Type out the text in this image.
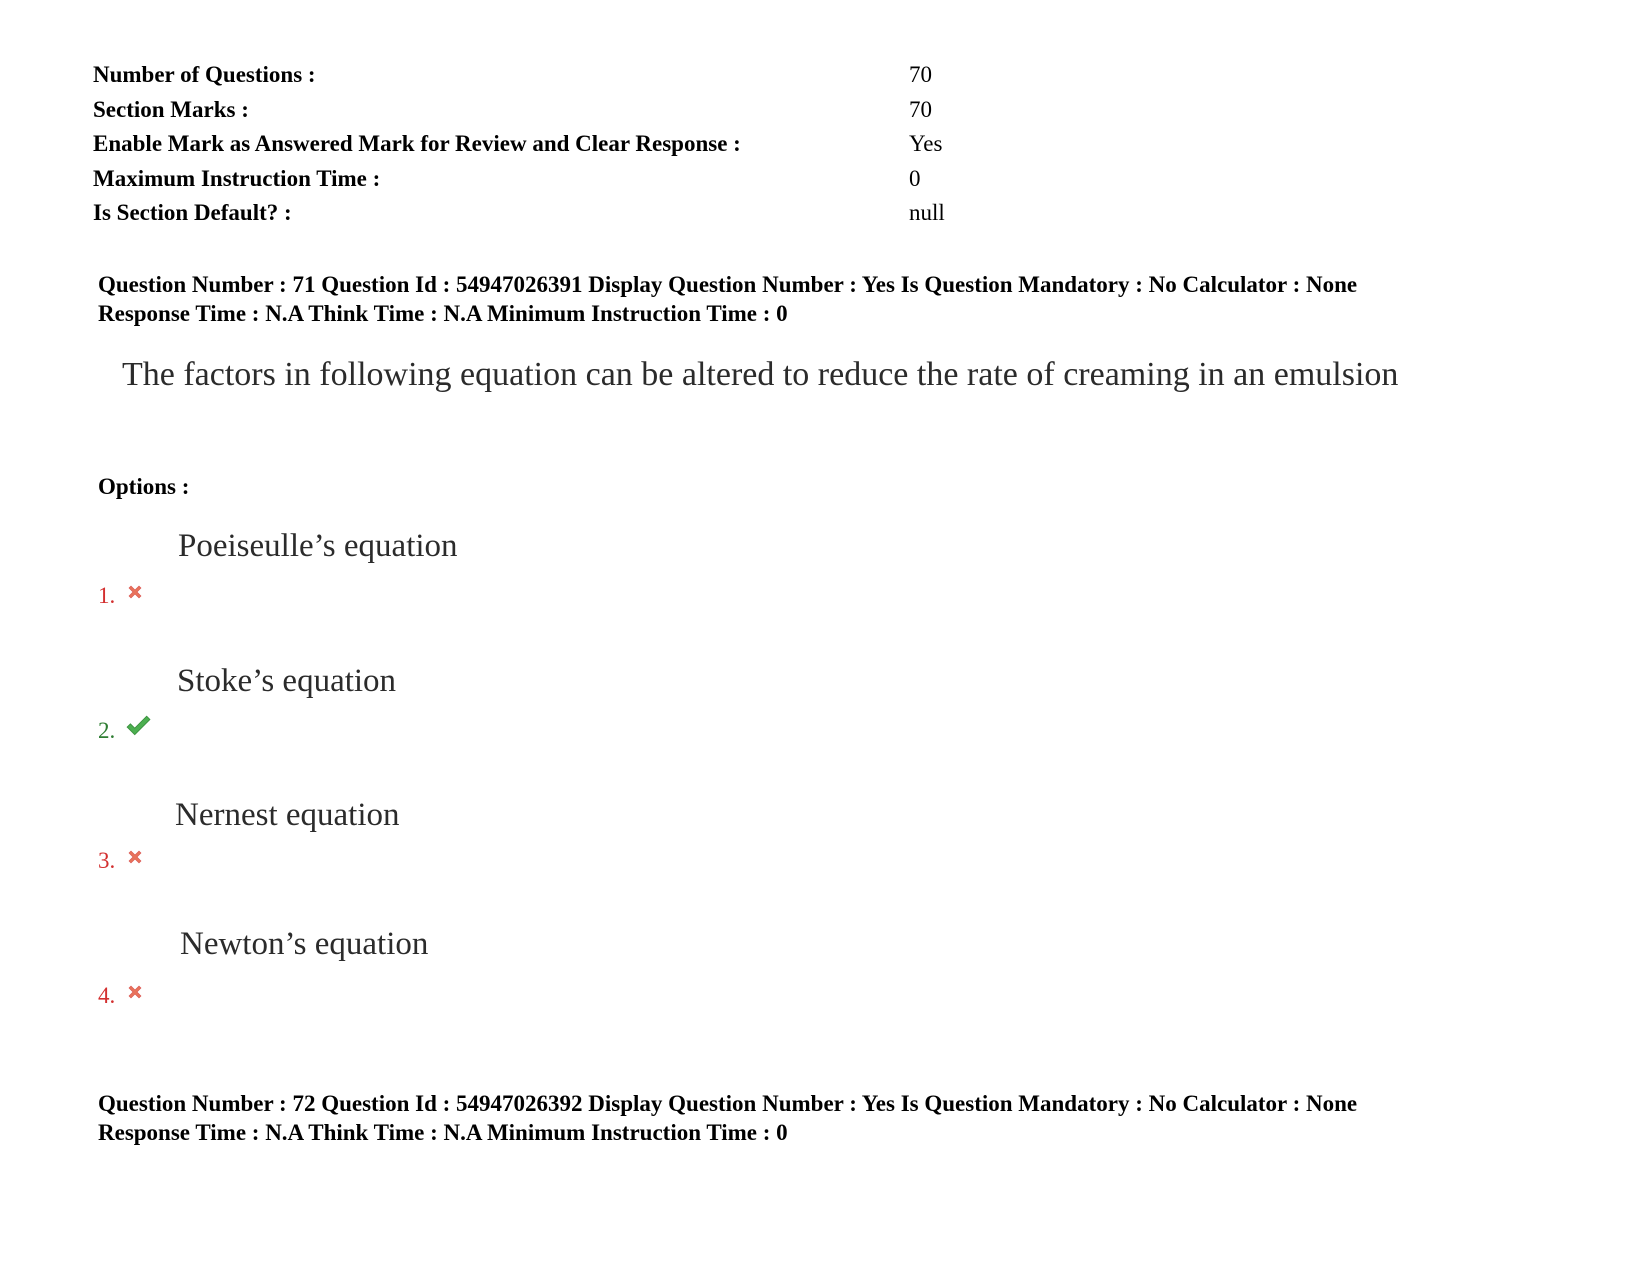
Number of Questions :	70
Section Marks :	70
Enable Mark as Answered Mark for Review and Clear Response :	Yes
Maximum Instruction Time :	0
Is Section Default? :	null
Question Number : 71 Question Id : 54947026391 Display Question Number : Yes Is Question Mandatory : No Calculator : None
Response Time : N.A Think Time : N.A Minimum Instruction Time : 0
The factors in following equation can be altered to reduce the rate of creaming in an emulsion
Options :
Poeiseulle’s equation
1.
Stoke’s equation
2.
Nernest equation
3.
Newton’s equation
4.
Question Number : 72 Question Id : 54947026392 Display Question Number : Yes Is Question Mandatory : No Calculator : None
Response Time : N.A Think Time : N.A Minimum Instruction Time : 0
